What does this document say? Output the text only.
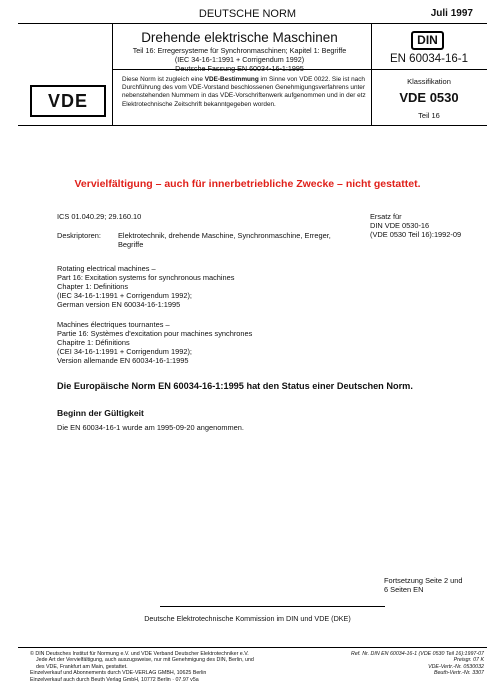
DEUTSCHE NORM	Juli 1997
Drehende elektrische Maschinen
Teil 16: Erregersysteme für Synchronmaschinen; Kapitel 1: Begriffe
(IEC 34-16-1:1991 + Corrigendum 1992)
Deutsche Fassung EN 60034-16-1:1995
DIN
EN 60034-16-1
VDE
Diese Norm ist zugleich eine VDE-Bestimmung im Sinne von VDE 0022. Sie ist nach Durchführung des vom VDE-Vorstand beschlossenen Genehmigungsverfahrens unter nebenstehenden Nummern in das VDE-Vorschriftenwerk aufgenommen und in der etz Elektrotechnische Zeitschrift bekanntgegeben worden.
Klassifikation
VDE 0530
Teil 16
Vervielfältigung – auch für innerbetriebliche Zwecke – nicht gestattet.
ICS 01.040.29; 29.160.10	Ersatz für
DIN VDE 0530-16
(VDE 0530 Teil 16):1992-09
Deskriptoren: Elektrotechnik, drehende Maschine, Synchronmaschine, Erreger, Begriffe
Rotating electrical machines –
Part 16: Excitation systems for synchronous machines
Chapter 1: Definitions
(IEC 34-16-1:1991 + Corrigendum 1992);
German version EN 60034-16-1:1995
Machines électriques tournantes –
Partie 16: Systèmes d'excitation pour machines synchrones
Chapitre 1: Définitions
(CEI 34-16-1:1991 + Corrigendum 1992);
Version allemande EN 60034-16-1:1995
Die Europäische Norm EN 60034-16-1:1995 hat den Status einer Deutschen Norm.
Beginn der Gültigkeit
Die EN 60034-16-1 wurde am 1995-09-20 angenommen.
Fortsetzung Seite 2 und
6 Seiten EN
Deutsche Elektrotechnische Kommission im DIN und VDE (DKE)
© DIN Deutsches Institut für Normung e.V. und VDE Verband Deutscher Elektrotechniker e.V.
Jede Art der Vervielfältigung, auch auszugsweise, nur mit Genehmigung des DIN, Berlin, und
des VDE, Frankfurt am Main, gestattet.
Einzelverkauf und Abonnements durch VDE-VERLAG GMBH, 10625 Berlin
Einzelverkauf auch durch Beuth Verlag GmbH, 10772 Berlin · 07.97 v5a
Ref. Nr. DIN EN 60034-16-1 (VDE 0530 Teil 16):1997-07
Preisgr. 07 K
VDE-Vertr.-Nr. 0530032
Beuth-Vertr.-Nr. 3307
